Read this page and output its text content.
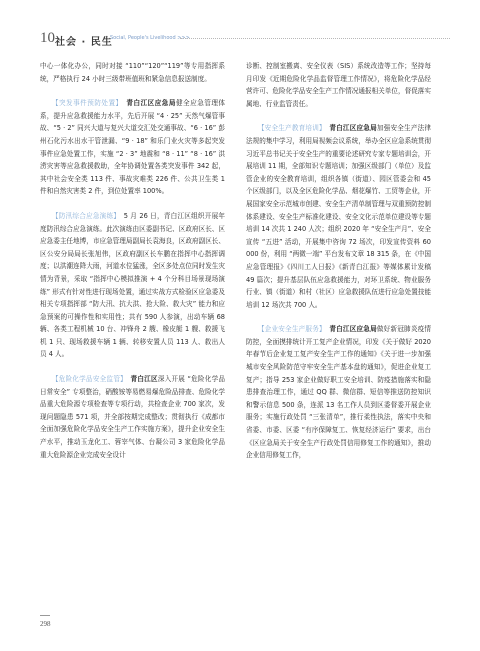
10 社会 · 民生
Social, People's Livelihood >>>

中心一体化办公，同时对接 “110”“120”“119”等专用指挥系统，严格执行 24 小时三级带班值班和紧急信息报送制度。

【突发事件预防处置】　 青白江区应急局健全应急管理体系，提升应急救援能力水平，先后开展 “4 · 25” 天然气爆管事故、“5 · 2” 同兴大道与复兴大道交汇处交通事故、“6 · 16” 彭州石化污水出水干管泄漏、“9 · 18” 和乐门业火灾等多起突发事件应急处置工作，实施 “2 · 3” 地震和 “8 · 11” “8 · 16” 洪涝灾害等应急救援救助，全年协调处置各类突发事件 342 起，其中社会安全类 113 件、事故灾难类 226 件、公共卫生类 1 件和自然灾害类 2 件，到位处置率 100%。

【防汛综合应急演练】　 5 月 26 日，青白江区组织开展年度防汛综合应急演练。此次演练由区委副书记、区政府区长、区应急委主任地博，市应急管理局副局长袁海良，区政府副区长、区公安分局局长张旭伟，区政府副区长车鹏在指挥中心指挥调度；以洪潮连降大雨，河道水位猛涨，全区多处点位同时发生灾情为背景，采取 “指挥中心模拟推演 + 4 个分科目场景现场演练” 形式有针对性进行现场处置，通过实战方式检验区应急委及相关专项指挥部 “防大汛、抗大洪、抢大险、救大灾” 能力和应急预案的可操作性和实用性；共有 590 人参演，出动车辆 68 辆、各类工程机械 10 台、冲锋舟 2 艘、橡皮艇 1 艘、救援飞机 1 只、现场救援车辆 1 辆、转移安置人员 113 人、救出人员 4 人。

【危险化学品安全监管】　 青白江区深入开展 “危险化学品日常安全” 专项整治，硝酸铵等易燃易爆危险品排查、危险化学品重大危险源专项检查等专项行动，共检查企业 700 家次，发现问题隐患 571 项，并全部按期完成整改；贯彻执行《成都市全面加强危险化学品安全生产工作实施方案》，提升企业安全生产水平，推动玉龙化工、蓉宰气体、台凝公司 3 家危险化学品重大危险源企业完成安全设计

诊断、控制室搬离、安全仪表（SIS）系统改造等工作；坚持每月印发《近期危险化学品监督管理工作情况》，将危险化学品经营许可、危险化学品安全生产工作情况通报相关单位，督促落实属地、行业监管责任。

【安全生产教育培训】　 青白江区应急局加强安全生产法律法规的集中学习，利用局视频会议系统，举办全区应急系统贯彻习近平总书记关于安全生产的重要论述研究专家专题培训会，开展培训 11 期，全部知识专题培训；加强区级部门（单位）及监管企业的安全教育培训，组织各镇（街道）、园区管委会和 45 个区级部门，以及全区危险化学品、烟花爆竹、工贸等企业，开展国家安全示范城市创建、安全生产清单制管理与双重预防控制体系建设、安全生产标准化建设、安全文化示范单位建设等专题培训 14 次共 1 240 人次；组织 2020 年 “安全生产月”、安全宣传 “五进” 活动，开展集中咨询 72 场次，印发宣传资料 60 000 份，利用 “两微一端” 平台发布文章 18 315 条，在《中国应急管理报》《四川工人日报》《新青白江报》等媒体累计发稿 49 篇次；提升基层队伍应急救援能力，对环卫系统、物业服务行业、镇（街道）和村（社区）应急救援队伍进行应急处置技能培训 12 场次共 700 人。

【企业安全生产服务】　 青白江区应急局做好新冠肺炎疫情防控，全面摸排统计开工复产企业情况，印发《关于做好 2020 年春节后企业复工复产安全生产工作的通知》《关于进一步加强城市安全风险防范守牢安全生产基本盘的通知》，促进企业复工复产；指导 253 家企业做好职工安全培训、防疫措施落实和隐患排查治理工作，通过 QQ 群、微信群、短信等推送防控知识和警示信息 500 条，连派 13 名工作人员到区委督委开展企业服务；实施行政处罚 “三张清单”，推行柔性执法，落实中央和省委、市委、区委 “有序保障复工、恢复经济运行” 要求，出台《区应急局关于安全生产行政处罚信用修复工作的通知》，推动企业信用修复工作，

298
